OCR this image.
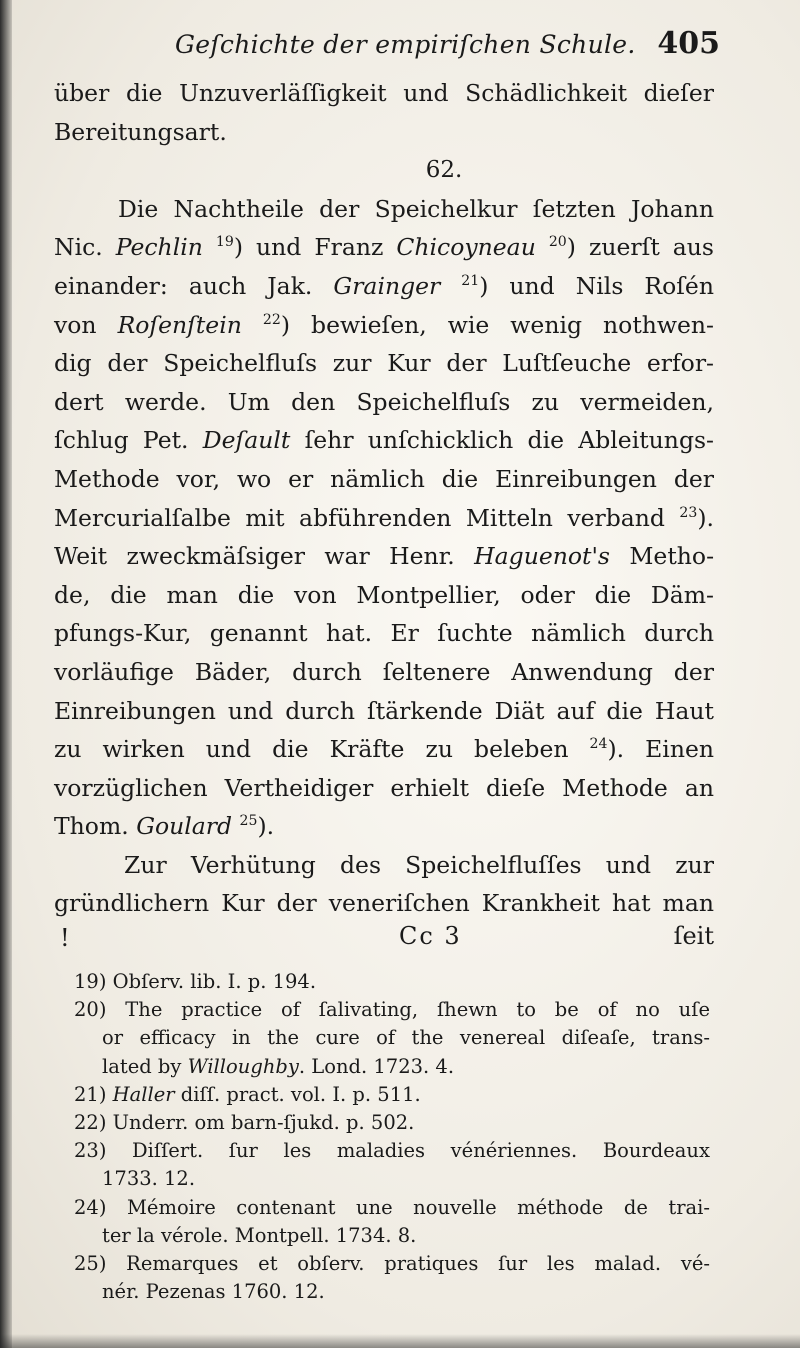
Geſchichte der empiriſchen Schule. 405
über die Unzuverläſſigkeit und Schädlichkeit dieſer
Bereitungsart.
62.
Die Nachtheile der Speichelkur ſetzten Johann
Nic. Pechlin $^{19}$) und Franz Chicoyneau $^{20}$) zuerſt aus
einander: auch Jak. Grainger $^{21}$) und Nils Roſén
von Roſenſtein $^{22}$) bewieſen, wie wenig nothwen-
dig der Speichelfluſs zur Kur der Luſtſeuche erfor-
dert werde. Um den Speichelfluſs zu vermeiden,
ſchlug Pet. Deſault ſehr unſchicklich die Ableitungs-
Methode vor, wo er nämlich die Einreibungen der
Mercurialſalbe mit abführenden Mitteln verband $^{23}$).
Weit zweckmäſsiger war Henr. Haguenot's Metho-
de, die man die von Montpellier, oder die Däm-
pfungs-Kur, genannt hat. Er ſuchte nämlich durch
vorläufige Bäder, durch ſeltenere Anwendung der
Einreibungen und durch ſtärkende Diät auf die Haut
zu wirken und die Kräfte zu beleben $^{24}$). Einen
vorzüglichen Vertheidiger erhielt dieſe Methode an
Thom. Goulard $^{25}$).
Zur Verhütung des Speichelfluſſes und zur
gründlichern Kur der veneriſchen Krankheit hat man
!	Cc 3	ſeit
19) Obſerv. lib. I. p. 194.
20) The practice of ſalivating, ſhewn to be of no uſe
or efficacy in the cure of the venereal diſeaſe, trans-
lated by Willoughby. Lond. 1723. 4.
21) Haller diſſ. pract. vol. I. p. 511.
22) Underr. om barn-ſjukd. p. 502.
23) Diſſert. ſur les maladies vénériennes. Bourdeaux
1733. 12.
24) Mémoire contenant une nouvelle méthode de trai-
ter la vérole. Montpell. 1734. 8.
25) Remarques et obſerv. pratiques ſur les malad. vé-
nér. Pezenas 1760. 12.
